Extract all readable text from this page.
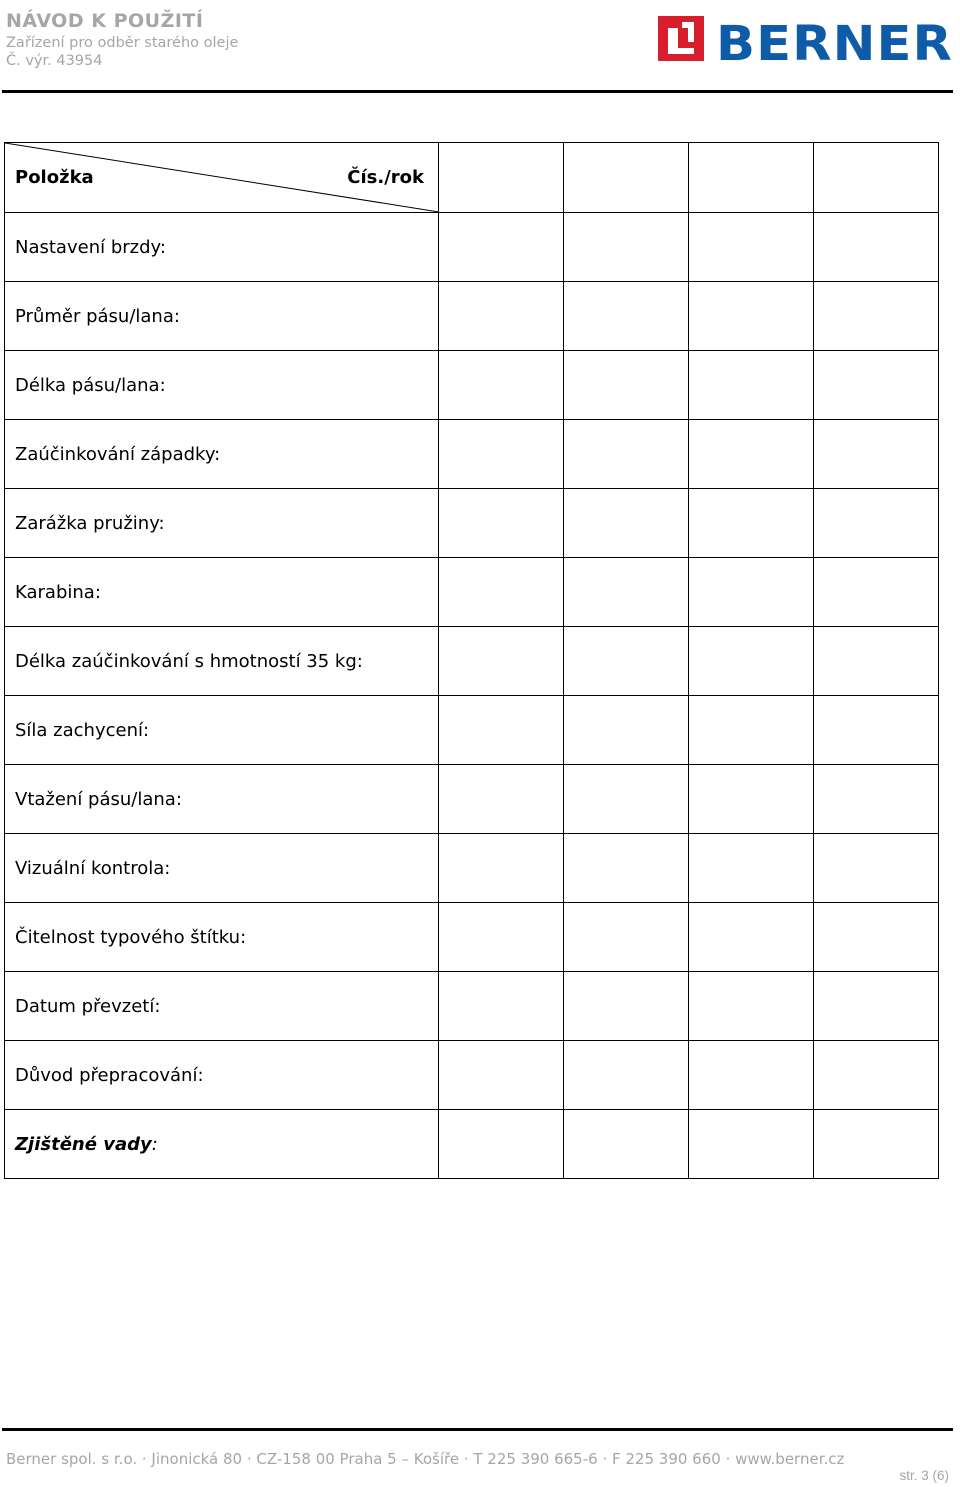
NÁVOD K POUŽITÍ
Zařízení pro odběr starého oleje
Č. výr. 43954	BERNER
Položka Čís./rok				

Nastavení brzdy:				
Průměr pásu/lana:				
Délka pásu/lana:				
Zaúčinkování západky:				
Zarážka pružiny:				
Karabina:				
Délka zaúčinkování s hmotností 35 kg:				
Síla zachycení:				
Vtažení pásu/lana:				
Vizuální kontrola:				
Čitelnost typového štítku:				
Datum převzetí:				
Důvod přepracování:				
Zjištěné vady:				
Berner spol. s r.o. · Jinonická 80 · CZ-158 00 Praha 5 – Košíře · T 225 390 665-6 · F 225 390 660 · www.berner.cz
str. 3 (6)
